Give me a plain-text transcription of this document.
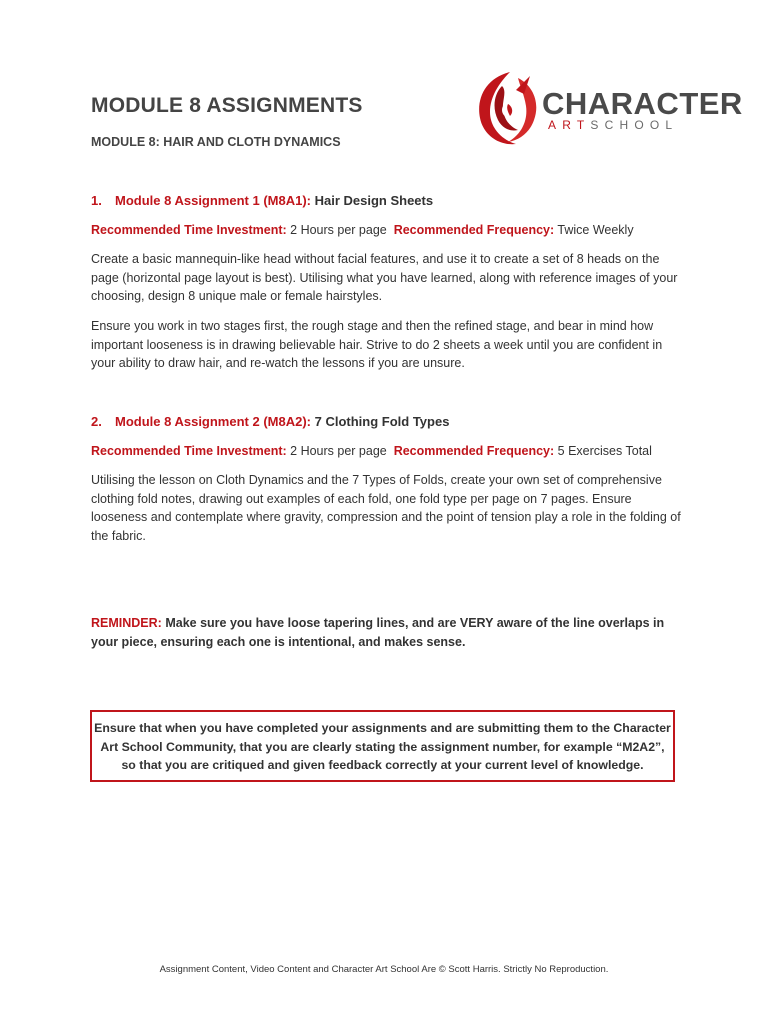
MODULE 8 ASSIGNMENTS
MODULE 8: HAIR AND CLOTH DYNAMICS
CHARACTER
ARTSCHOOL
1. Module 8 Assignment 1 (M8A1): Hair Design Sheets
Recommended Time Investment: 2 Hours per page Recommended Frequency: Twice Weekly

Create a basic mannequin-like head without facial features, and use it to create a set of 8 heads on the page (horizontal page layout is best). Utilising what you have learned, along with reference images of your choosing, design 8 unique male or female hairstyles.

Ensure you work in two stages first, the rough stage and then the refined stage, and bear in mind how important looseness is in drawing believable hair. Strive to do 2 sheets a week until you are confident in your ability to draw hair, and re-watch the lessons if you are unsure.

2. Module 8 Assignment 2 (M8A2): 7 Clothing Fold Types
Recommended Time Investment: 2 Hours per page Recommended Frequency: 5 Exercises Total

Utilising the lesson on Cloth Dynamics and the 7 Types of Folds, create your own set of comprehensive clothing fold notes, drawing out examples of each fold, one fold type per page on 7 pages. Ensure looseness and contemplate where gravity, compression and the point of tension play a role in the folding of the fabric.

REMINDER: Make sure you have loose tapering lines, and are VERY aware of the line overlaps in your piece, ensuring each one is intentional, and makes sense.
Ensure that when you have completed your assignments and are submitting them to the Character
Art School Community, that you are clearly stating the assignment number, for example “M2A2”,
so that you are critiqued and given feedback correctly at your current level of knowledge.
Assignment Content, Video Content and Character Art School Are © Scott Harris. Strictly No Reproduction.
